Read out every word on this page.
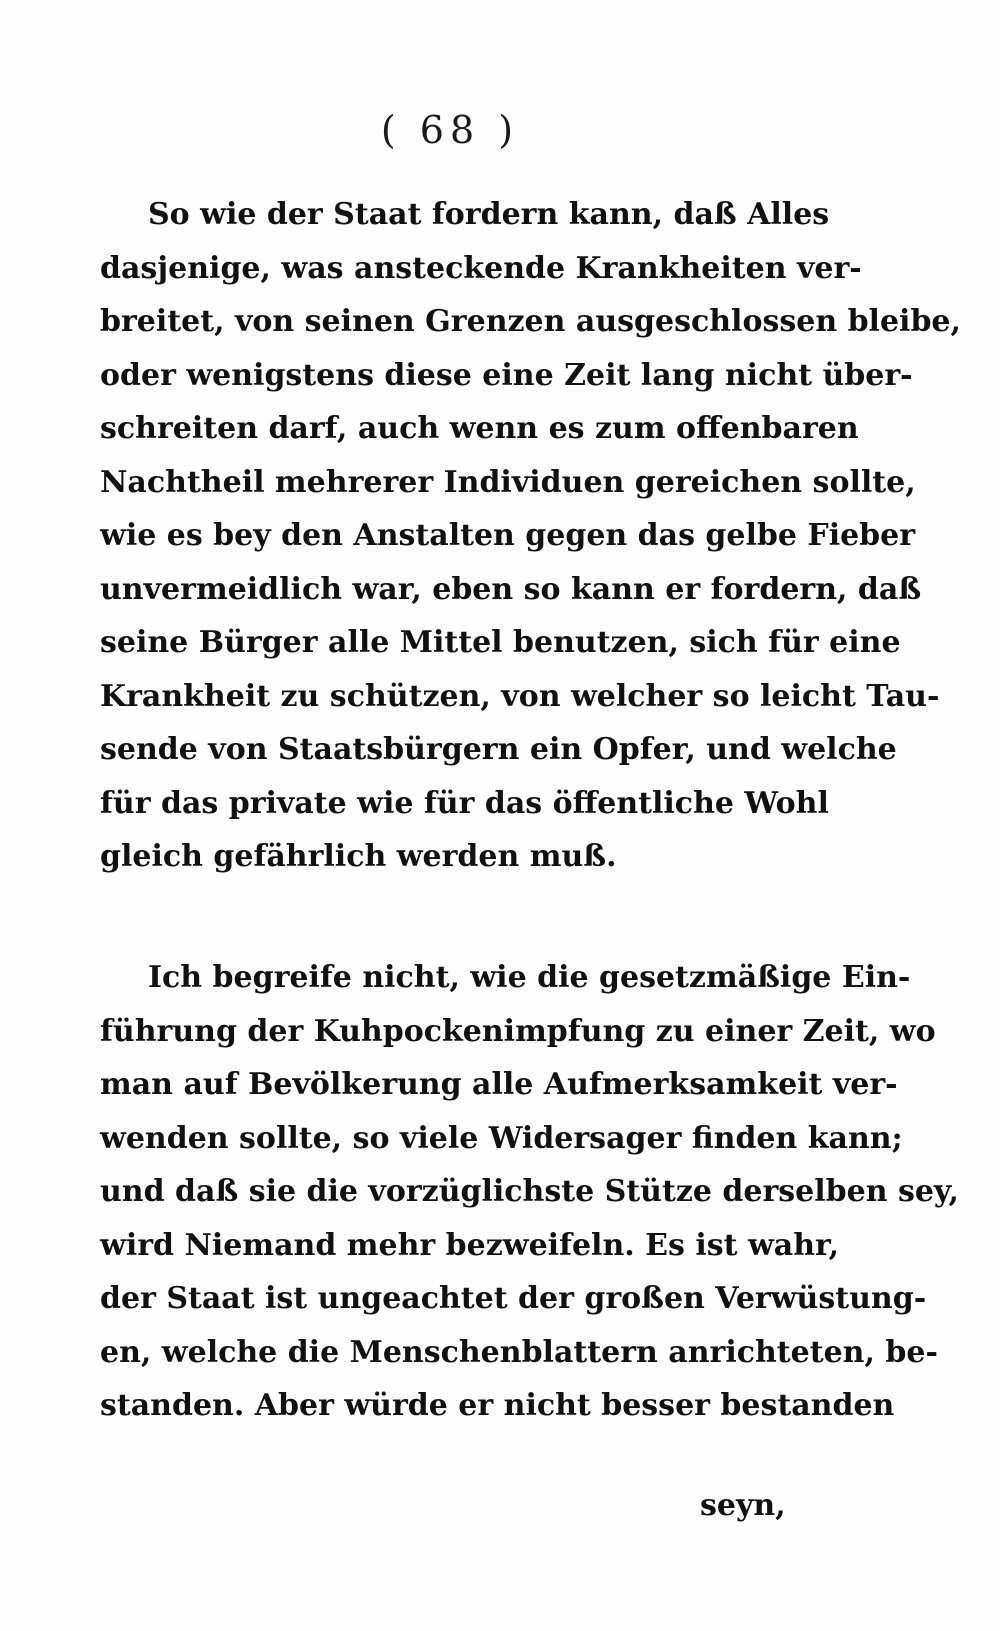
( 68 )

So wie der Staat fordern kann, daß Alles
dasjenige, was ansteckende Krankheiten ver-
breitet, von seinen Grenzen ausgeschlossen bleibe,
oder wenigstens diese eine Zeit lang nicht über-
schreiten darf, auch wenn es zum offenbaren
Nachtheil mehrerer Individuen gereichen sollte,
wie es bey den Anstalten gegen das gelbe Fieber
unvermeidlich war, eben so kann er fordern, daß
seine Bürger alle Mittel benutzen, sich für eine
Krankheit zu schützen, von welcher so leicht Tau-
sende von Staatsbürgern ein Opfer, und welche
für das private wie für das öffentliche Wohl
gleich gefährlich werden muß.

Ich begreife nicht, wie die gesetzmäßige Ein-
führung der Kuhpockenimpfung zu einer Zeit, wo
man auf Bevölkerung alle Aufmerksamkeit ver-
wenden sollte, so viele Widersager finden kann;
und daß sie die vorzüglichste Stütze derselben sey,
wird Niemand mehr bezweifeln. Es ist wahr,
der Staat ist ungeachtet der großen Verwüstung-
en, welche die Menschenblattern anrichteten, be-
standen. Aber würde er nicht besser bestanden

seyn,
